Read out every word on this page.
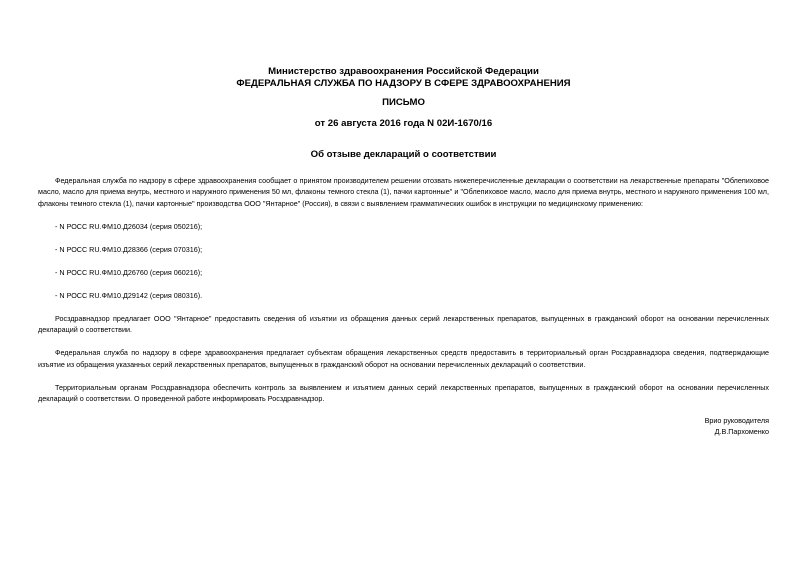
Министерство здравоохранения Российской Федерации
ФЕДЕРАЛЬНАЯ СЛУЖБА ПО НАДЗОРУ В СФЕРЕ ЗДРАВООХРАНЕНИЯ
ПИСЬМО
от 26 августа 2016 года N 02И-1670/16
Об отзыве деклараций о соответствии

Федеральная служба по надзору в сфере здравоохранения сообщает о принятом производителем решении отозвать нижеперечисленные декларации о соответствии на лекарственные препараты "Облепиховое масло, масло для приема внутрь, местного и наружного применения 50 мл, флаконы темного стекла (1), пачки картонные" и "Облепиховое масло, масло для приема внутрь, местного и наружного применения 100 мл, флаконы темного стекла (1), пачки картонные" производства ООО "Янтарное" (Россия), в связи с выявлением грамматических ошибок в инструкции по медицинскому применению:

- N РОСС RU.ФМ10.Д26034 (серия 050216);

- N РОСС RU.ФМ10.Д28366 (серия 070316);

- N РОСС RU.ФМ10.Д26760 (серия 060216);

- N РОСС RU.ФМ10.Д29142 (серия 080316).

Росздравнадзор предлагает ООО "Янтарное" предоставить сведения об изъятии из обращения данных серий лекарственных препаратов, выпущенных в гражданский оборот на основании перечисленных деклараций о соответствии.

Федеральная служба по надзору в сфере здравоохранения предлагает субъектам обращения лекарственных средств предоставить в территориальный орган Росздравнадзора сведения, подтверждающие изъятие из обращения указанных серий лекарственных препаратов, выпущенных в гражданский оборот на основании перечисленных деклараций о соответствии.

Территориальным органам Росздравнадзора обеспечить контроль за выявлением и изъятием данных серий лекарственных препаратов, выпущенных в гражданский оборот на основании перечисленных деклараций о соответствии. О проведенной работе информировать Росздравнадзор.

Врио руководителя
Д.В.Пархоменко
